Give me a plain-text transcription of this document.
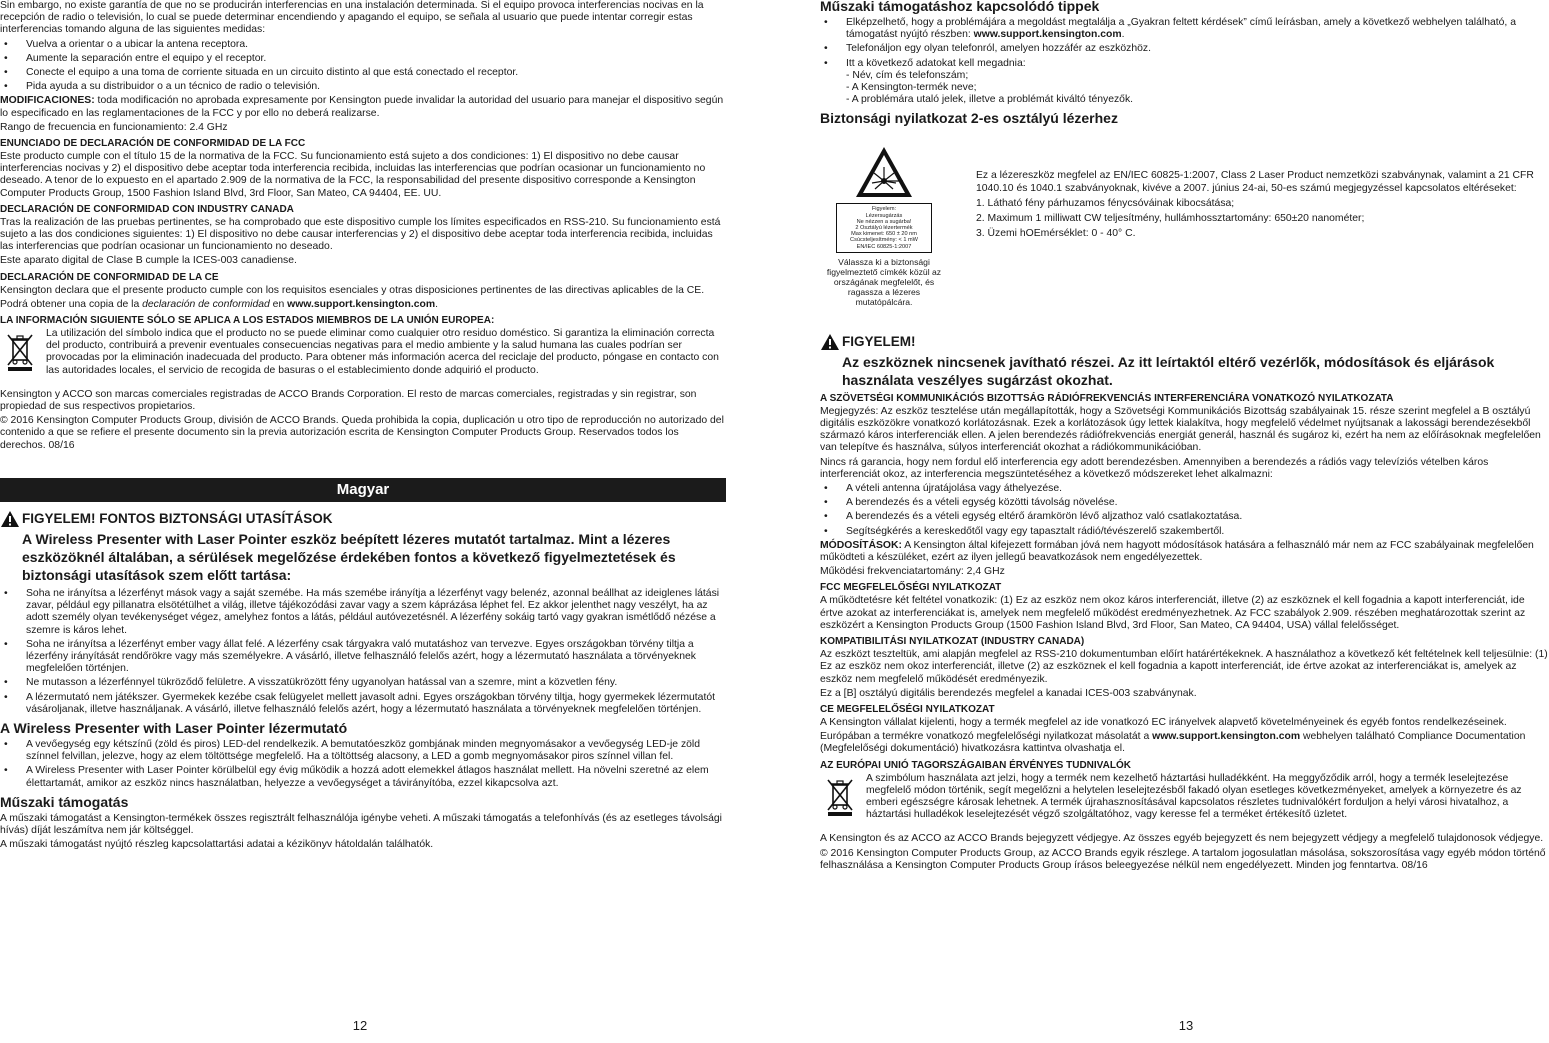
Sin embargo, no existe garantía de que no se producirán interferencias en una instalación determinada. Si el equipo provoca interferencias nocivas en la recepción de radio o televisión, lo cual se puede determinar encendiendo y apagando el equipo, se señala al usuario que puede intentar corregir estas interferencias tomando alguna de las siguientes medidas:

• Vuelva a orientar o a ubicar la antena receptora.
• Aumente la separación entre el equipo y el receptor.
• Conecte el equipo a una toma de corriente situada en un circuito distinto al que está conectado el receptor.
• Pida ayuda a su distribuidor o a un técnico de radio o televisión.

MODIFICACIONES: toda modificación no aprobada expresamente por Kensington puede invalidar la autoridad del usuario para manejar el dispositivo según lo especificado en las reglamentaciones de la FCC y por ello no deberá realizarse.

Rango de frecuencia en funcionamiento: 2.4 GHz

ENUNCIADO DE DECLARACIÓN DE CONFORMIDAD DE LA FCC

Este producto cumple con el título 15 de la normativa de la FCC. Su funcionamiento está sujeto a dos condiciones: 1) El dispositivo no debe causar interferencias nocivas y 2) el dispositivo debe aceptar toda interferencia recibida, incluidas las interferencias que podrían ocasionar un funcionamiento no deseado. A tenor de lo expuesto en el apartado 2.909 de la normativa de la FCC, la responsabilidad del presente dispositivo corresponde a Kensington Computer Products Group, 1500 Fashion Island Blvd, 3rd Floor, San Mateo, CA 94404, EE. UU.

DECLARACIÓN DE CONFORMIDAD CON INDUSTRY CANADA

Tras la realización de las pruebas pertinentes, se ha comprobado que este dispositivo cumple los límites especificados en RSS-210. Su funcionamiento está sujeto a las dos condiciones siguientes: 1) El dispositivo no debe causar interferencias y 2) el dispositivo debe aceptar toda interferencia recibida, incluidas las interferencias que podrían ocasionar un funcionamiento no deseado.

Este aparato digital de Clase B cumple la ICES-003 canadiense.

DECLARACIÓN DE CONFORMIDAD DE LA CE

Kensington declara que el presente producto cumple con los requisitos esenciales y otras disposiciones pertinentes de las directivas aplicables de la CE.

Podrá obtener una copia de la declaración de conformidad en www.support.kensington.com.

LA INFORMACIÓN SIGUIENTE SÓLO SE APLICA A LOS ESTADOS MIEMBROS DE LA UNIÓN EUROPEA:

La utilización del símbolo indica que el producto no se puede eliminar como cualquier otro residuo doméstico. Si garantiza la eliminación correcta del producto, contribuirá a prevenir eventuales consecuencias negativas para el medio ambiente y la salud humana las cuales podrían ser provocadas por la eliminación inadecuada del producto. Para obtener más información acerca del reciclaje del producto, póngase en contacto con las autoridades locales, el servicio de recogida de basuras o el establecimiento donde adquirió el producto.

Kensington y ACCO son marcas comerciales registradas de ACCO Brands Corporation. El resto de marcas comerciales, registradas y sin registrar, son propiedad de sus respectivos propietarios.

© 2016 Kensington Computer Products Group, división de ACCO Brands. Queda prohibida la copia, duplicación u otro tipo de reproducción no autorizado del contenido a que se refiere el presente documento sin la previa autorización escrita de Kensington Computer Products Group. Reservados todos los derechos. 08/16

Magyar
FIGYELEM! FONTOS BIZTONSÁGI UTASÍTÁSOK
A Wireless Presenter with Laser Pointer eszköz beépített lézeres mutatót tartalmaz. Mint a lézeres eszközöknél általában, a sérülések megelőzése érdekében fontos a következő figyelmeztetések és biztonsági utasítások szem előtt tartása:
• Soha ne irányítsa a lézerfényt mások vagy a saját szemébe. Ha más szemébe irányítja a lézerfényt vagy belenéz, azonnal beállhat az ideiglenes látási zavar, például egy pillanatra elsötétülhet a világ, illetve tájékozódási zavar vagy a szem káprázása léphet fel. Ez akkor jelenthet nagy veszélyt, ha az adott személy olyan tevékenységet végez, amelyhez fontos a látás, például autóvezetésnél. A lézerfény sokáig tartó vagy gyakran ismétlődő nézése a szemre is káros lehet.
• Soha ne irányítsa a lézerfényt ember vagy állat felé. A lézerfény csak tárgyakra való mutatáshoz van tervezve. Egyes országokban törvény tiltja a lézerfény irányítását rendőrökre vagy más személyekre. A vásárló, illetve felhasználó felelős azért, hogy a lézermutató használata a törvényeknek megfelelően történjen.
• Ne mutasson a lézerfénnyel tükröződő felületre. A visszatükrözött fény ugyanolyan hatással van a szemre, mint a közvetlen fény.
• A lézermutató nem játékszer. Gyermekek kezébe csak felügyelet mellett javasolt adni. Egyes országokban törvény tiltja, hogy gyermekek lézermutatót vásároljanak, illetve használjanak. A vásárló, illetve felhasználó felelős azért, hogy a lézermutató használata a törvényeknek megfelelően történjen.
A Wireless Presenter with Laser Pointer lézermutató
• A vevőegység egy kétszínű (zöld és piros) LED-del rendelkezik. A bemutatóeszköz gombjának minden megnyomásakor a vevőegység LED-je zöld színnel felvillan, jelezve, hogy az elem töltöttsége megfelelő. Ha a töltöttség alacsony, a LED a gomb megnyomásakor piros színnel villan fel.
• A Wireless Presenter with Laser Pointer körülbelül egy évig működik a hozzá adott elemekkel átlagos használat mellett. Ha növelni szeretné az elem élettartamát, amikor az eszköz nincs használatban, helyezze a vevőegységet a távirányítóba, ezzel kikapcsolva azt.
Műszaki támogatás

A műszaki támogatást a Kensington-termékek összes regisztrált felhasználója igénybe veheti. A műszaki támogatás a telefonhívás (és az esetleges távolsági hívás) díját leszámítva nem jár költséggel.

A műszaki támogatást nyújtó részleg kapcsolattartási adatai a kézikönyv hátoldalán találhatók.

12
Műszaki támogatáshoz kapcsolódó tippek
• Elképzelhető, hogy a problémájára a megoldást megtalálja a „Gyakran feltett kérdések” című leírásban, amely a következő webhelyen található, a támogatást nyújtó részben: www.support.kensington.com.
• Telefonáljon egy olyan telefonról, amelyen hozzáfér az eszközhöz.
• Itt a következő adatokat kell megadnia:
- Név, cím és telefonszám;
- A Kensington-termék neve;
- A problémára utaló jelek, illetve a problémát kiváltó tényezők.
Biztonsági nyilatkozat 2-es osztályú lézerhez
Figyelem:
Lézersugárzás
Ne nézzen a sugárba!
2 Osztályú lézertermék
Max kimenet: 650 ± 20 nm
Csúcsteljesítmény: < 1 mW
EN/IEC 60825-1:2007
Válassza ki a biztonsági figyelmeztető címkék közül az országának megfelelőt, és ragassza a lézeres mutatópálcára.

Ez a lézereszköz megfelel az EN/IEC 60825-1:2007, Class 2 Laser Product nemzetközi szabványnak, valamint a 21 CFR 1040.10 és 1040.1 szabványoknak, kivéve a 2007. június 24-ai, 50-es számú megjegyzéssel kapcsolatos eltéréseket:

1. Látható fény párhuzamos fénycsóváinak kibocsátása;

2. Maximum 1 milliwatt CW teljesítmény, hullámhossztartomány: 650±20 nanométer;

3. Üzemi hOEmérséklet: 0 - 40° C.

FIGYELEM!
Az eszköznek nincsenek javítható részei. Az itt leírtaktól eltérő vezérlők, módosítások és eljárások használata veszélyes sugárzást okozhat.
A SZÖVETSÉGI KOMMUNIKÁCIÓS BIZOTTSÁG RÁDIÓFREKVENCIÁS INTERFERENCIÁRA VONATKOZÓ NYILATKOZATA

Megjegyzés: Az eszköz tesztelése után megállapították, hogy a Szövetségi Kommunikációs Bizottság szabályainak 15. része szerint megfelel a B osztályú digitális eszközökre vonatkozó korlátozásnak. Ezek a korlátozások úgy lettek kialakítva, hogy megfelelő védelmet nyújtsanak a lakossági berendezésekből származó káros interferenciák ellen. A jelen berendezés rádiófrekvenciás energiát generál, használ és sugároz ki, ezért ha nem az előírásoknak megfelelően van telepítve és használva, súlyos interferenciát okozhat a rádiókommunikációban.

Nincs rá garancia, hogy nem fordul elő interferencia egy adott berendezésben. Amennyiben a berendezés a rádiós vagy televíziós vételben káros interferenciát okoz, az interferencia megszüntetéséhez a következő módszereket lehet alkalmazni:

• A vételi antenna újratájolása vagy áthelyezése.
• A berendezés és a vételi egység közötti távolság növelése.
• A berendezés és a vételi egység eltérő áramkörön lévő aljzathoz való csatlakoztatása.
• Segítségkérés a kereskedőtől vagy egy tapasztalt rádió/tévészerelő szakembertől.

MÓDOSÍTÁSOK: A Kensington által kifejezett formában jóvá nem hagyott módosítások hatására a felhasználó már nem az FCC szabályainak megfelelően működteti a készüléket, ezért az ilyen jellegű beavatkozások nem engedélyezettek.

Működési frekvenciatartomány: 2,4 GHz

FCC MEGFELELŐSÉGI NYILATKOZAT

A működtetésre két feltétel vonatkozik: (1) Ez az eszköz nem okoz káros interferenciát, illetve (2) az eszköznek el kell fogadnia a kapott interferenciát, ide értve azokat az interferenciákat is, amelyek nem megfelelő működést eredményezhetnek. Az FCC szabályok 2.909. részében meghatározottak szerint az eszközért a Kensington Products Group (1500 Fashion Island Blvd, 3rd Floor, San Mateo, CA 94404, USA) vállal felelősséget.

KOMPATIBILITÁSI NYILATKOZAT (INDUSTRY CANADA)

Az eszközt teszteltük, ami alapján megfelel az RSS-210 dokumentumban előírt határértékeknek. A használathoz a következő két feltételnek kell teljesülnie: (1) Ez az eszköz nem okoz interferenciát, illetve (2) az eszköznek el kell fogadnia a kapott interferenciát, ide értve azokat az interferenciákat is, amelyek az eszköz nem megfelelő működését eredményezik.

Ez a [B] osztályú digitális berendezés megfelel a kanadai ICES-003 szabványnak.

CE MEGFELELŐSÉGI NYILATKOZAT

A Kensington vállalat kijelenti, hogy a termék megfelel az ide vonatkozó EC irányelvek alapvető követelményeinek és egyéb fontos rendelkezéseinek.

Európában a termékre vonatkozó megfelelőségi nyilatkozat másolatát a www.support.kensington.com webhelyen található Compliance Documentation (Megfelelőségi dokumentáció) hivatkozásra kattintva olvashatja el.

AZ EURÓPAI UNIÓ TAGORSZÁGAIBAN ÉRVÉNYES TUDNIVALÓK

A szimbólum használata azt jelzi, hogy a termék nem kezelhető háztartási hulladékként. Ha meggyőződik arról, hogy a termék leselejtezése megfelelő módon történik, segít megelőzni a helytelen leselejtezésből fakadó olyan esetleges következményeket, amelyek a környezetre és az emberi egészségre károsak lehetnek. A termék újrahasznosításával kapcsolatos részletes tudnivalókért forduljon a helyi városi hivatalhoz, a háztartási hulladékok leselejtezését végző szolgáltatóhoz, vagy keresse fel a terméket értékesítő üzletet.

A Kensington és az ACCO az ACCO Brands bejegyzett védjegye. Az összes egyéb bejegyzett és nem bejegyzett védjegy a megfelelő tulajdonosok védjegye.

© 2016 Kensington Computer Products Group, az ACCO Brands egyik részlege. A tartalom jogosulatlan másolása, sokszorosítása vagy egyéb módon történő felhasználása a Kensington Computer Products Group írásos beleegyezése nélkül nem engedélyezett. Minden jog fenntartva. 08/16

13
